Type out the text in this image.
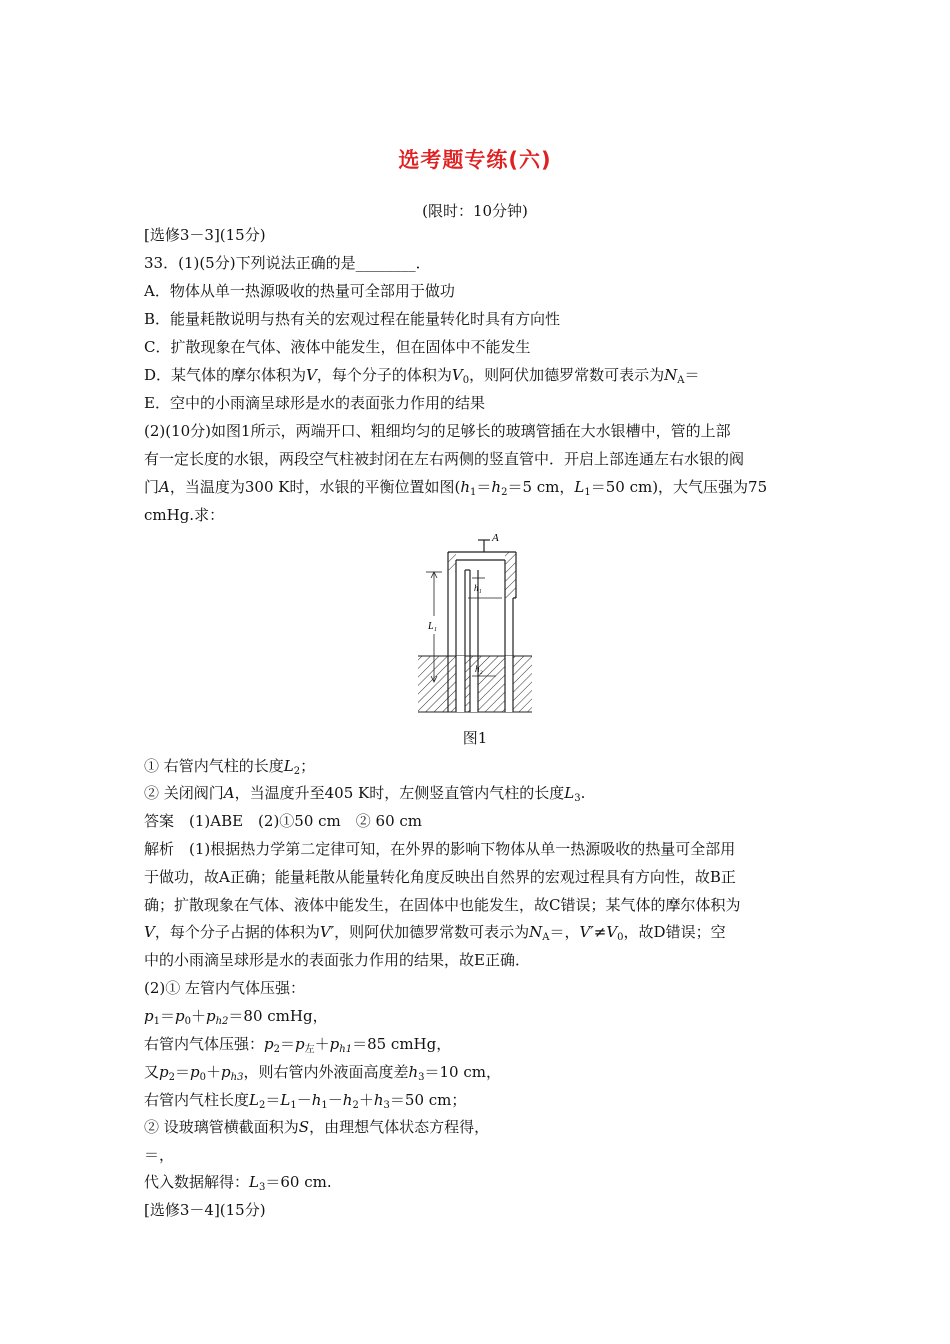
选考题专练(六)
(限时：10分钟)
[选修3－3](15分)
33．(1)(5分)下列说法正确的是________．
A．物体从单一热源吸收的热量可全部用于做功
B．能量耗散说明与热有关的宏观过程在能量转化时具有方向性
C．扩散现象在气体、液体中能发生，但在固体中不能发生
D．某气体的摩尔体积为V，每个分子的体积为$V_0$，则阿伏加德罗常数可表示为$N_A=$
E．空中的小雨滴呈球形是水的表面张力作用的结果
(2)(10分)如图1所示，两端开口、粗细均匀的足够长的玻璃管插在大水银槽中，管的上部
有一定长度的水银，两段空气柱被封闭在左右两侧的竖直管中．开启上部连通左右水银的阀
门A，当温度为300 K时，水银的平衡位置如图($h_1=h_2=5$ cm，$L_1=50$ cm)，大气压强为75
cmHg.求：
A
h₁
L₁
h₂
图1
① 右管内气柱的长度$L_2$；
② 关闭阀门A，当温度升至405 K时，左侧竖直管内气柱的长度$L_3$.
答案　(1)ABE　(2)①50 cm　② 60 cm
解析　(1)根据热力学第二定律可知，在外界的影响下物体从单一热源吸收的热量可全部用
于做功，故A正确；能量耗散从能量转化角度反映出自然界的宏观过程具有方向性，故B正
确；扩散现象在气体、液体中能发生，在固体中也能发生，故C错误；某气体的摩尔体积为
V，每个分子占据的体积为V′，则阿伏加德罗常数可表示为$N_A=$，$V'\ne V_0$，故D错误；空
中的小雨滴呈球形是水的表面张力作用的结果，故E正确．
(2)① 左管内气体压强：
$p_1=p_0+p_{h2}=80$ cmHg，
右管内气体压强：$p_2=p_左+p_{h1}=85$ cmHg，
又$p_2=p_0+p_{h3}$，则右管内外液面高度差$h_3=10$ cm，
右管内气柱长度$L_2=L_1-h_1-h_2+h_3=50$ cm；
② 设玻璃管横截面积为S，由理想气体状态方程得，
＝，
代入数据解得：$L_3=60$ cm.
[选修3－4](15分)
